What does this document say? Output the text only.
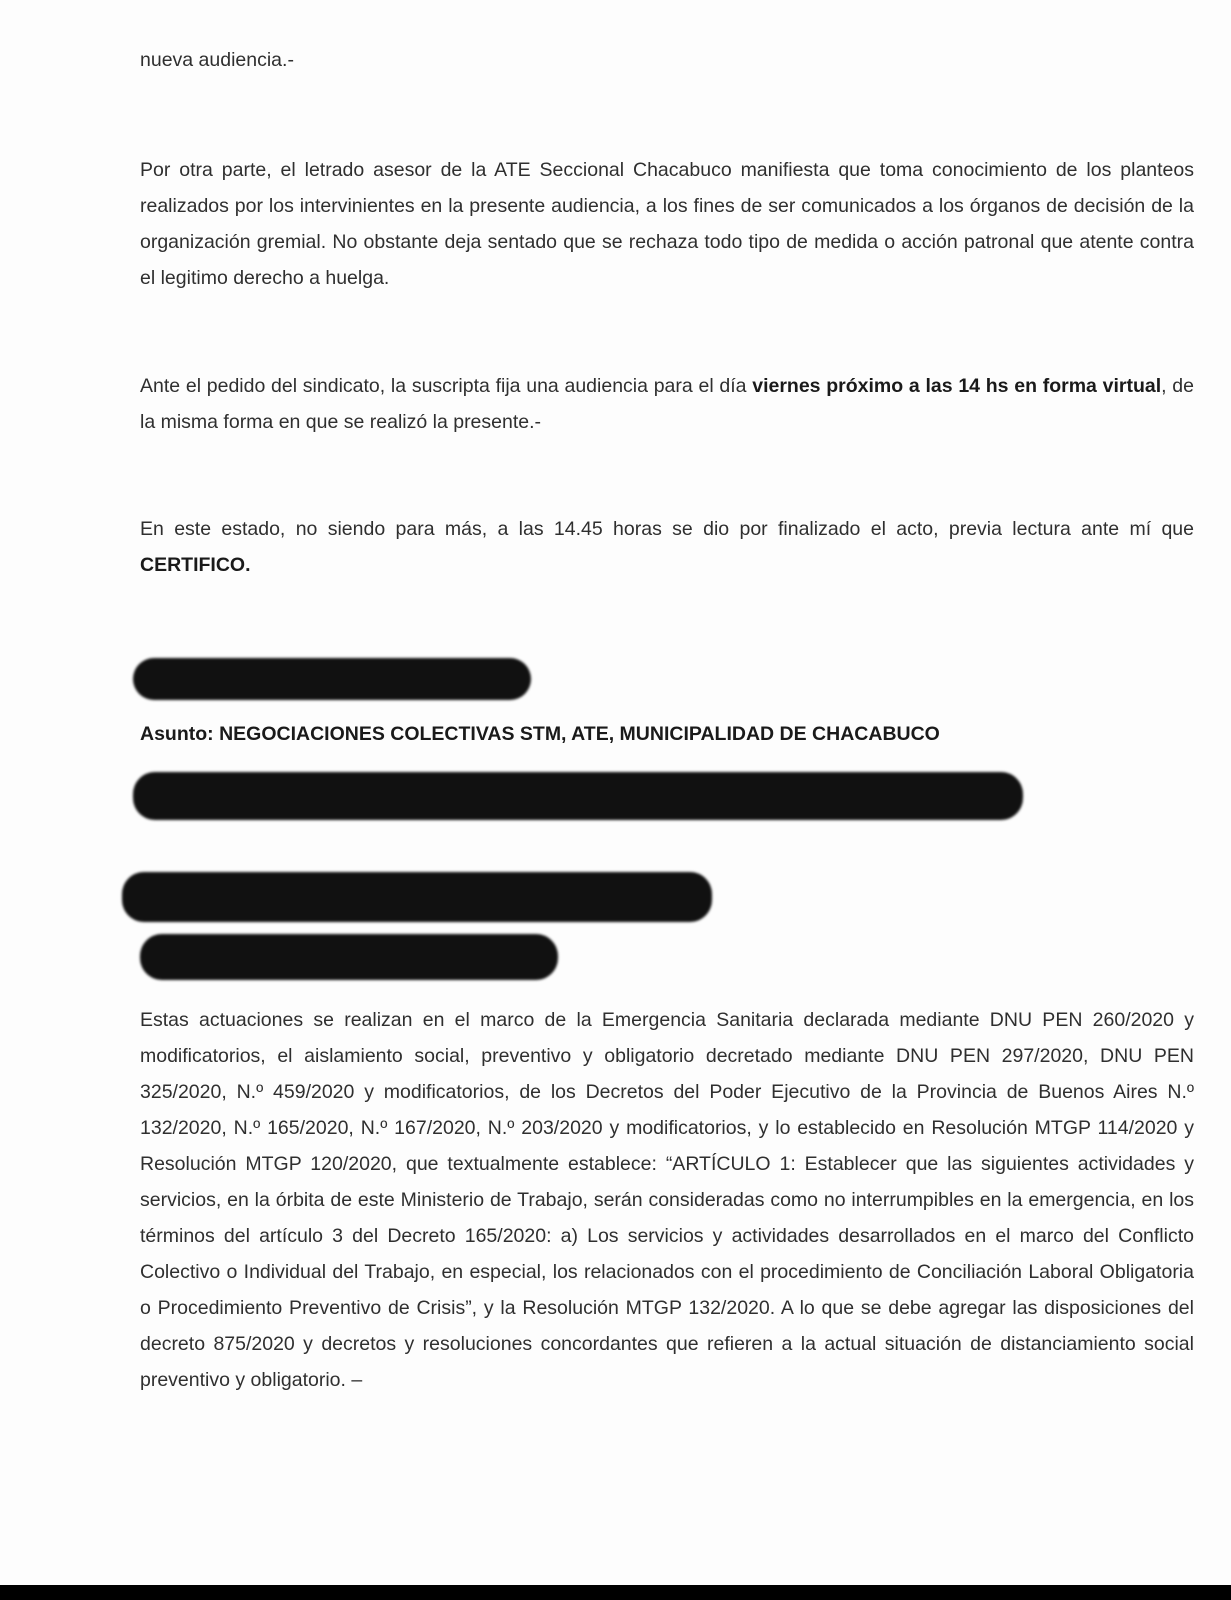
nueva audiencia.-

Por otra parte, el letrado asesor de la ATE Seccional Chacabuco manifiesta que toma conocimiento de los planteos realizados por los intervinientes en la presente audiencia, a los fines de ser comunicados a los órganos de decisión de la organización gremial. No obstante deja sentado que se rechaza todo tipo de medida o acción patronal que atente contra el legitimo derecho a huelga.

Ante el pedido del sindicato, la suscripta fija una audiencia para el día viernes próximo a las 14 hs en forma virtual, de la misma forma en que se realizó la presente.-

En este estado, no siendo para más, a las 14.45 horas se dio por finalizado el acto, previa lectura ante mí que CERTIFICO.

Asunto: NEGOCIACIONES COLECTIVAS STM, ATE, MUNICIPALIDAD DE CHACABUCO

Estas actuaciones se realizan en el marco de la Emergencia Sanitaria declarada mediante DNU PEN 260/2020 y modificatorios, el aislamiento social, preventivo y obligatorio decretado mediante DNU PEN 297/2020, DNU PEN 325/2020, N.º 459/2020 y modificatorios, de los Decretos del Poder Ejecutivo de la Provincia de Buenos Aires N.º 132/2020, N.º 165/2020, N.º 167/2020, N.º 203/2020 y modificatorios, y lo establecido en Resolución MTGP 114/2020 y Resolución MTGP 120/2020, que textualmente establece: “ARTÍCULO 1: Establecer que las siguientes actividades y servicios, en la órbita de este Ministerio de Trabajo, serán consideradas como no interrumpibles en la emergencia, en los términos del artículo 3 del Decreto 165/2020: a) Los servicios y actividades desarrollados en el marco del Conflicto Colectivo o Individual del Trabajo, en especial, los relacionados con el procedimiento de Conciliación Laboral Obligatoria o Procedimiento Preventivo de Crisis”, y la Resolución MTGP 132/2020. A lo que se debe agregar las disposiciones del decreto 875/2020 y decretos y resoluciones concordantes que refieren a la actual situación de distanciamiento social preventivo y obligatorio. –
